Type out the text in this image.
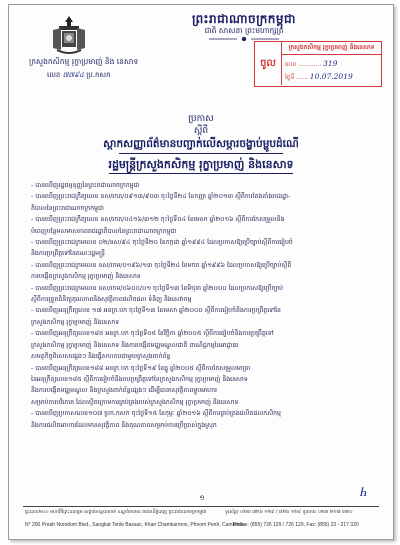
ព្រះរាជាណាចក្រកម្ពុជា
ជាតិ សាសនា ព្រះមហាក្សត្រ
ក្រសួងកសិកម្ម រុក្ខាប្រមាញ់ និង នេសាទ
លេខ ៧៧៩៤ ប្រ.កសក
ចូល
ក្រសួងកសិកម្ម រុក្ខាប្រមាញ់ និងនេសាទ
លេខ ............ 319
ថ្ងៃទី ...... 10.07.2019
ប្រកាស
ស្តីពី
ស្តាកសញ្ញាព័ត៌មានបញ្ជាក់លើសម្ភារចង្ខាប់ម្ហូបដំណើ
រដ្ឋមន្ត្រីក្រសួងកសិកម្ម រុក្ខាប្រមាញ់ និងនេសាទ
- បានឃើញរដ្ឋធម្មនុញ្ញនៃព្រះរាជាណាចក្រកម្ពុជា
- បានឃើញព្រះរាជក្រឹត្យលេខ នស/រកត/០៩១៣/៩០៣ ចុះថ្ងៃទី២៤ ខែកញ្ញា ឆ្នាំ២០១៣ ស្តីពីការតែងតាំងរាជរដ្ឋា-
ភិបាលនៃព្រះរាជាណាចក្រកម្ពុជា
- បានឃើញព្រះរាជក្រឹត្យលេខ នស/រកត/០៤១៦/៣១២ ចុះថ្ងៃទី០៤ ខែមេសា ឆ្នាំ២០១៦ ស្តីពីការកែសម្រួលនិង
បំពេញបន្ថែមសមាសភាពរាជរដ្ឋាភិបាលនៃព្រះរាជាណាចក្រកម្ពុជា
- បានឃើញព្រះរាជក្រមលេខ ០២/នស/៩៤ ចុះថ្ងៃទី២០ ខែកក្កដា ឆ្នាំ១៩៩៤ ដែលប្រកាសឱ្យប្រើច្បាប់ស្តីពីការរៀបចំ
និងការប្រព្រឹត្តទៅនៃគណៈរដ្ឋមន្ត្រី
- បានឃើញព្រះរាជក្រមលេខ នស/រកម/០១៩៦/១៣ ចុះថ្ងៃទី២៤ ខែមករា ឆ្នាំ១៩៩៦ ដែលប្រកាសឱ្យប្រើច្បាប់ស្តីពី
ការបង្កើតក្រសួងកសិកម្ម រុក្ខាប្រមាញ់ និងនេសាទ
- បានឃើញព្រះរាជក្រមលេខ នស/រកម/០៦០០/០១ ចុះថ្ងៃទី១៣ ខែមិថុនា ឆ្នាំ២០០០ ដែលប្រកាសឱ្យប្រើច្បាប់
ស្តីពីការត្រួតពិនិត្យគុណភាពនិងសុវត្ថិភាពផលិតផល ទំនិញ និងសេវាកម្ម
- បានឃើញអនុក្រឹត្យលេខ ១៧ អនក្រ.បក ចុះថ្ងៃទី១៣ ខែមេសា ឆ្នាំ២០០០ ស្តីពីការរៀបចំនិងការប្រព្រឹត្តទៅនៃ
ក្រសួងកសិកម្ម រុក្ខាប្រមាញ់ និងនេសាទ
- បានឃើញអនុក្រឹត្យលេខ១៨៥ អនក្រ.បក ចុះថ្ងៃទី០៥ ខែវិច្ឆិកា ឆ្នាំ២០០៥ ស្តីពីការរៀបចំនិងការប្រព្រឹត្តទៅ
ក្រសួងកសិកម្ម រុក្ខាប្រមាញ់ និងនេសាទ និងការបង្កើតមជ្ឈមណ្ឌលជាតិ ពាណិជ្ជកម្មនៃអាជ្ញាធរ
សមត្ថកិច្ចពិសេសផ្សេងៗ និងធ្វើសហការជាមួយក្រសួងពាក់ព័ន្ធ
- បានឃើញអនុក្រឹត្យលេខ១៨៨ អនក្រ.បក ចុះថ្ងៃទី១៩ ខែធ្នូ ឆ្នាំ២០០៥ ស្តីពីការកែសម្រួលមាត្រា
នៃអនុក្រឹត្យលេខ១៨៥ ស្តីពីការរៀបចំនិងការប្រព្រឹត្តទៅនៃក្រសួងកសិកម្ម រុក្ខាប្រមាញ់ និងនេសាទ
និងការបង្កើតមជ្ឈមណ្ឌល និងក្រសួងពាក់ព័ន្ធផ្សេងៗ ដើម្បីធានាសុវត្ថិភាពម្ហូបអាហារ
សម្រាប់ការបរិភោគ ដែលស្ថិតក្រោមការគ្រប់គ្រងរបស់ក្រសួងកសិកម្ម រុក្ខាប្រមាញ់ និងនេសាទ
- បានឃើញប្រកាសលេខ១០៧ ប្រក.កសក ចុះថ្ងៃទី១៥ ខែកុម្ភៈ ឆ្នាំ២០១៦ ស្តីពីការគ្រប់គ្រងផលិតផលកសិកម្ម
និងការផលិតអាហារដែលមានសុវត្ថិភាព និងគុណភាពសម្រាប់ការប្រើប្រាស់ក្នុងស្រុក
១	Ⴙ
ផ្ទះលេខ២០០ មហាវិថីព្រះនរោត្តម សង្កាត់ទន្លេបាសាក់ ខណ្ឌចំការមន រាជធានីភ្នំពេញ ព្រះរាជាណាចក្រកម្ពុជា
N° 200 Preah Norodom Blvd., Sangkat Tonle Bassac, Khan Chamkarmon, Phnom Penh, Cambodia
ទូរស័ព្ទ៖ ០២៣ ៧២៦ ១២៩ / ៧២៦ ១២៩ ទូរសារ៖ ០២៣ ២១៧ ៣២០
Phone: (855) 726 129 / 726 129, Fax: (855) 23 - 217 320
